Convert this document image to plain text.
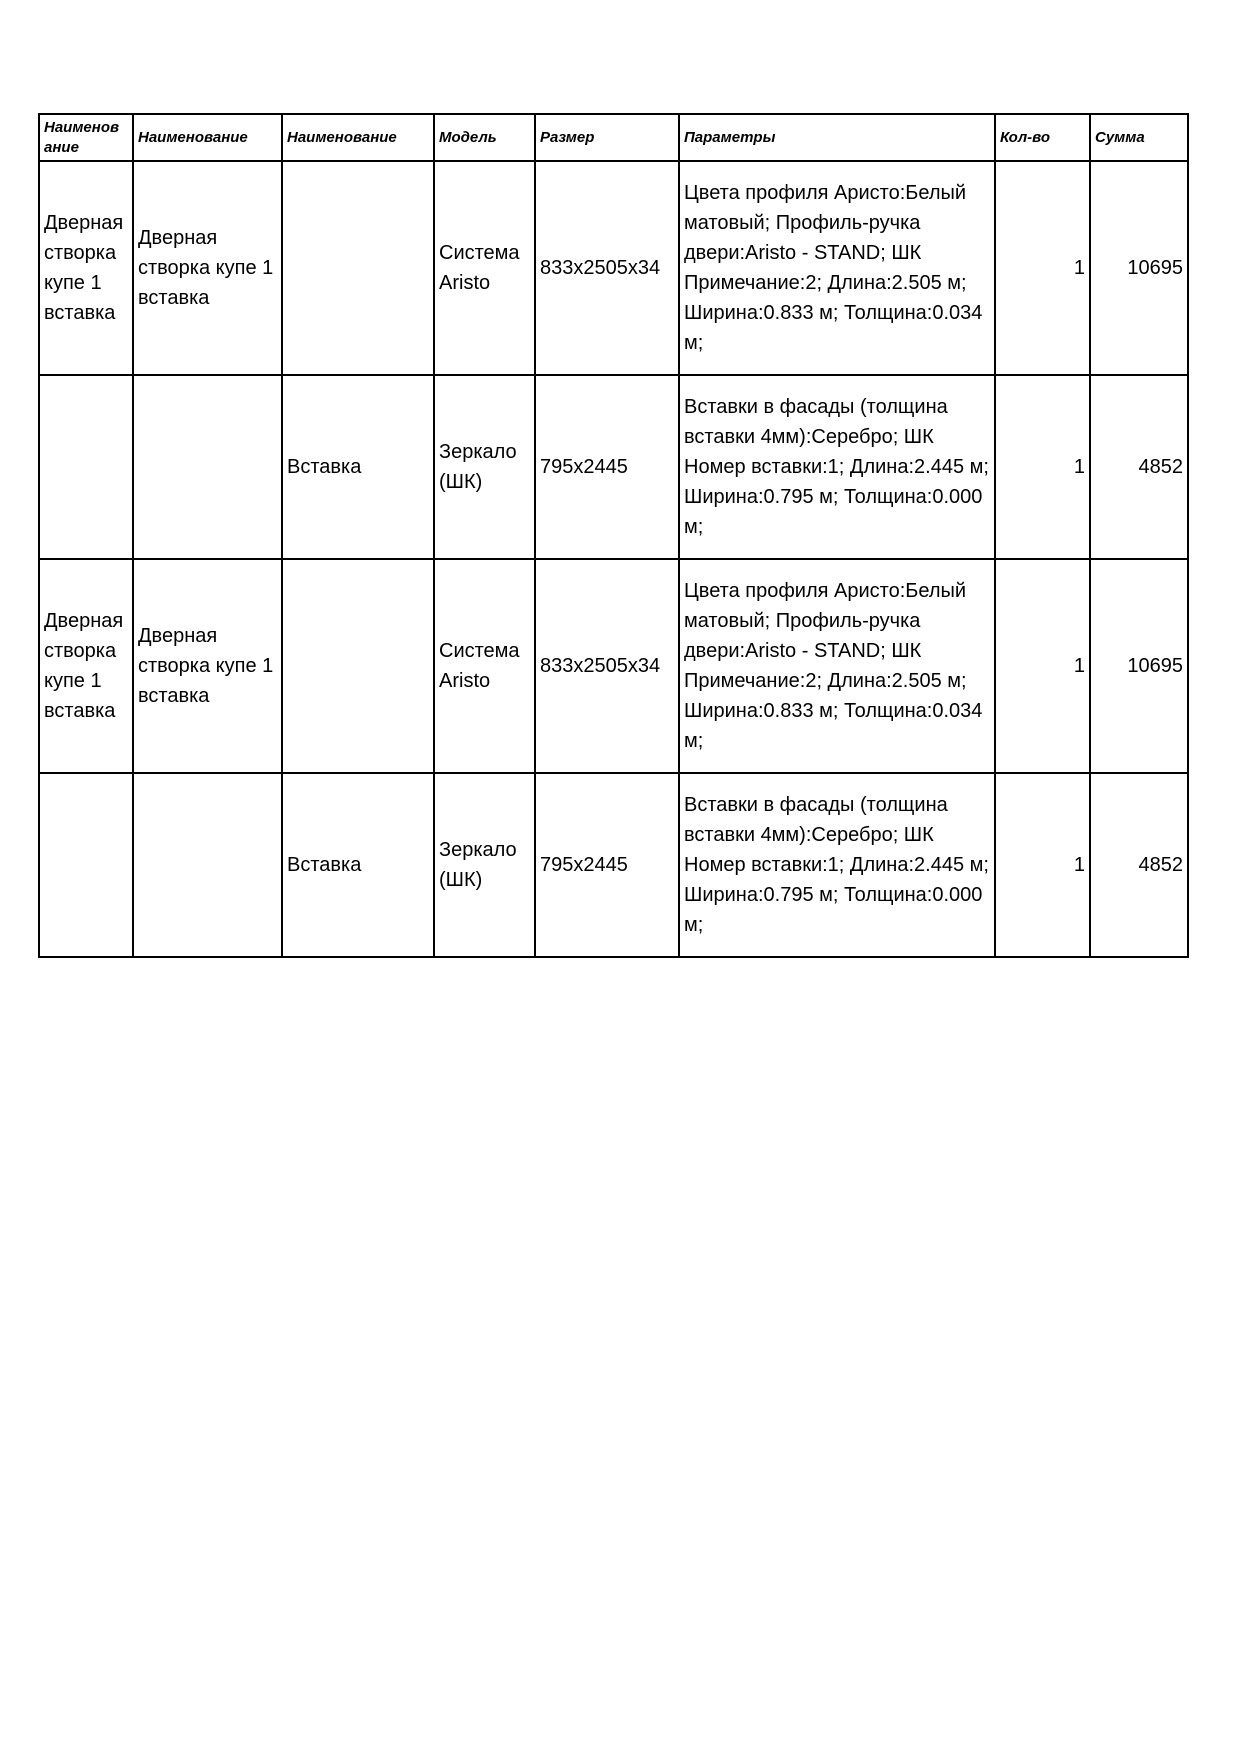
Наименов ание	Наименование	Наименование	Модель	Размер	Параметры	Кол-во	Сумма
Дверная створка купе 1 вставка	Дверная створка купе 1 вставка		Система Aristo	833x2505x34	Цвета профиля Аристо:Белый матовый; Профиль-ручка двери:Aristo - STAND; ШК Примечание:2; Длина:2.505 м; Ширина:0.833 м; Толщина:0.034 м;	1	10695
		Вставка	Зеркало (ШК)	795x2445	Вставки в фасады (толщина вставки 4мм):Серебро; ШК Номер вставки:1; Длина:2.445 м; Ширина:0.795 м; Толщина:0.000 м;	1	4852
Дверная створка купе 1 вставка	Дверная створка купе 1 вставка		Система Aristo	833x2505x34	Цвета профиля Аристо:Белый матовый; Профиль-ручка двери:Aristo - STAND; ШК Примечание:2; Длина:2.505 м; Ширина:0.833 м; Толщина:0.034 м;	1	10695
		Вставка	Зеркало (ШК)	795x2445	Вставки в фасады (толщина вставки 4мм):Серебро; ШК Номер вставки:1; Длина:2.445 м; Ширина:0.795 м; Толщина:0.000 м;	1	4852
